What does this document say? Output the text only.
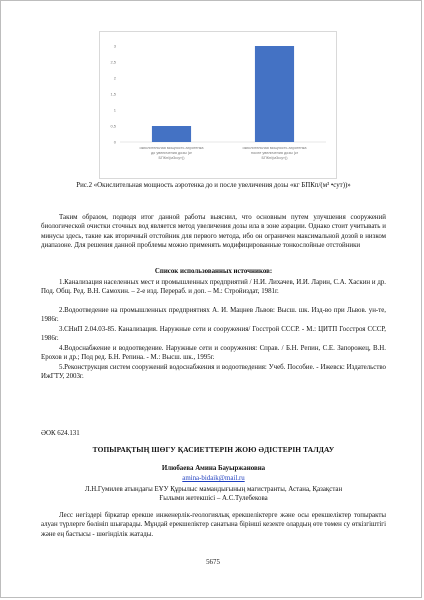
0
0,5
1
1,5
2
2,5
3
окислительная мощность аэротенка
до увеличения дозы (кг
БПКп/(м3•сут))
окислительная мощность аэротенка
после увеличения дозы (кг
БПКп/(м3•сут))
Рис.2 «Окислительная мощность аэротенка до и после увеличения дозы «кг БПКп/(м³ •сут))»
Таким образом, подводя итог данной работы выяснил, что основным путем улучшения сооружений биологической очистки сточных вод является метод увеличения дозы ила в зоне аэрации. Однако стоит учитывать и минусы здесь, такие как вторичный отстойник для первого метода, ибо он ограничен максимальной дозой в низком диапазоне. Для решения данной проблемы можно применять модифицированные тонкослойные отстойники
Список использованных источников:
1.Канализация населенных мест и промышленных предприятий / Н.И. Лихачев, И.И. Ларин, С.А. Хаскин и др. Под. Общ. Ред. В.Н. Самохин. – 2-е изд. Перераб. и доп. – М.: Стройиздат, 1981г.
2.Водоотведение на промышленных предприятиях А. И. Мацнев Львов: Высш. шк. Изд-во при Львов. ун-те, 1986г.
3.СНиП 2.04.03-85. Канализация. Наружные сети и сооружения/ Госстрой СССР. - М.: ЦИТП Госстроя СССР, 1986г.
4.Водоснабжение и водоотведение. Наружные сети и сооружения: Справ. / Б.Н. Репин, С.Е. Запорожец, В.Н. Ерохов и др.; Под ред. Б.Н. Репина. - М.: Высш. шк., 1995г.
5.Реконструкция систем сооружений водоснабжения и водоотведения: Учеб. Пособие. - Ижевск: Издательство ИжГТУ, 2003г.
ӘОК 624.131
ТОПЫРАҚТЫҢ ШӨГУ ҚАСИЕТТЕРІН ЖОЮ ӘДІСТЕРІН ТАЛДАУ
Илюбаева Амина Бауыржановна
amina-bidaik@mail.ru
Л.Н.Гумилев атындағы ЕҰУ Құрылыс мамандығының магистранты, Астана, Қазақстан
Ғылыми жетекшісі – А.С.Тулебекова
Лесс негіздері біркатар ерекше инженерлік-геологиялық ерекшеліктерге және осы ерекшеліктер топыракты алуан түрлерге бөлініп шығарады. Мұндай ерекшеліктер санатына бірінші кезекте олардың өте төмен су өткізгіштігі және ең бастысы - шөгінділік жатады.
5675
